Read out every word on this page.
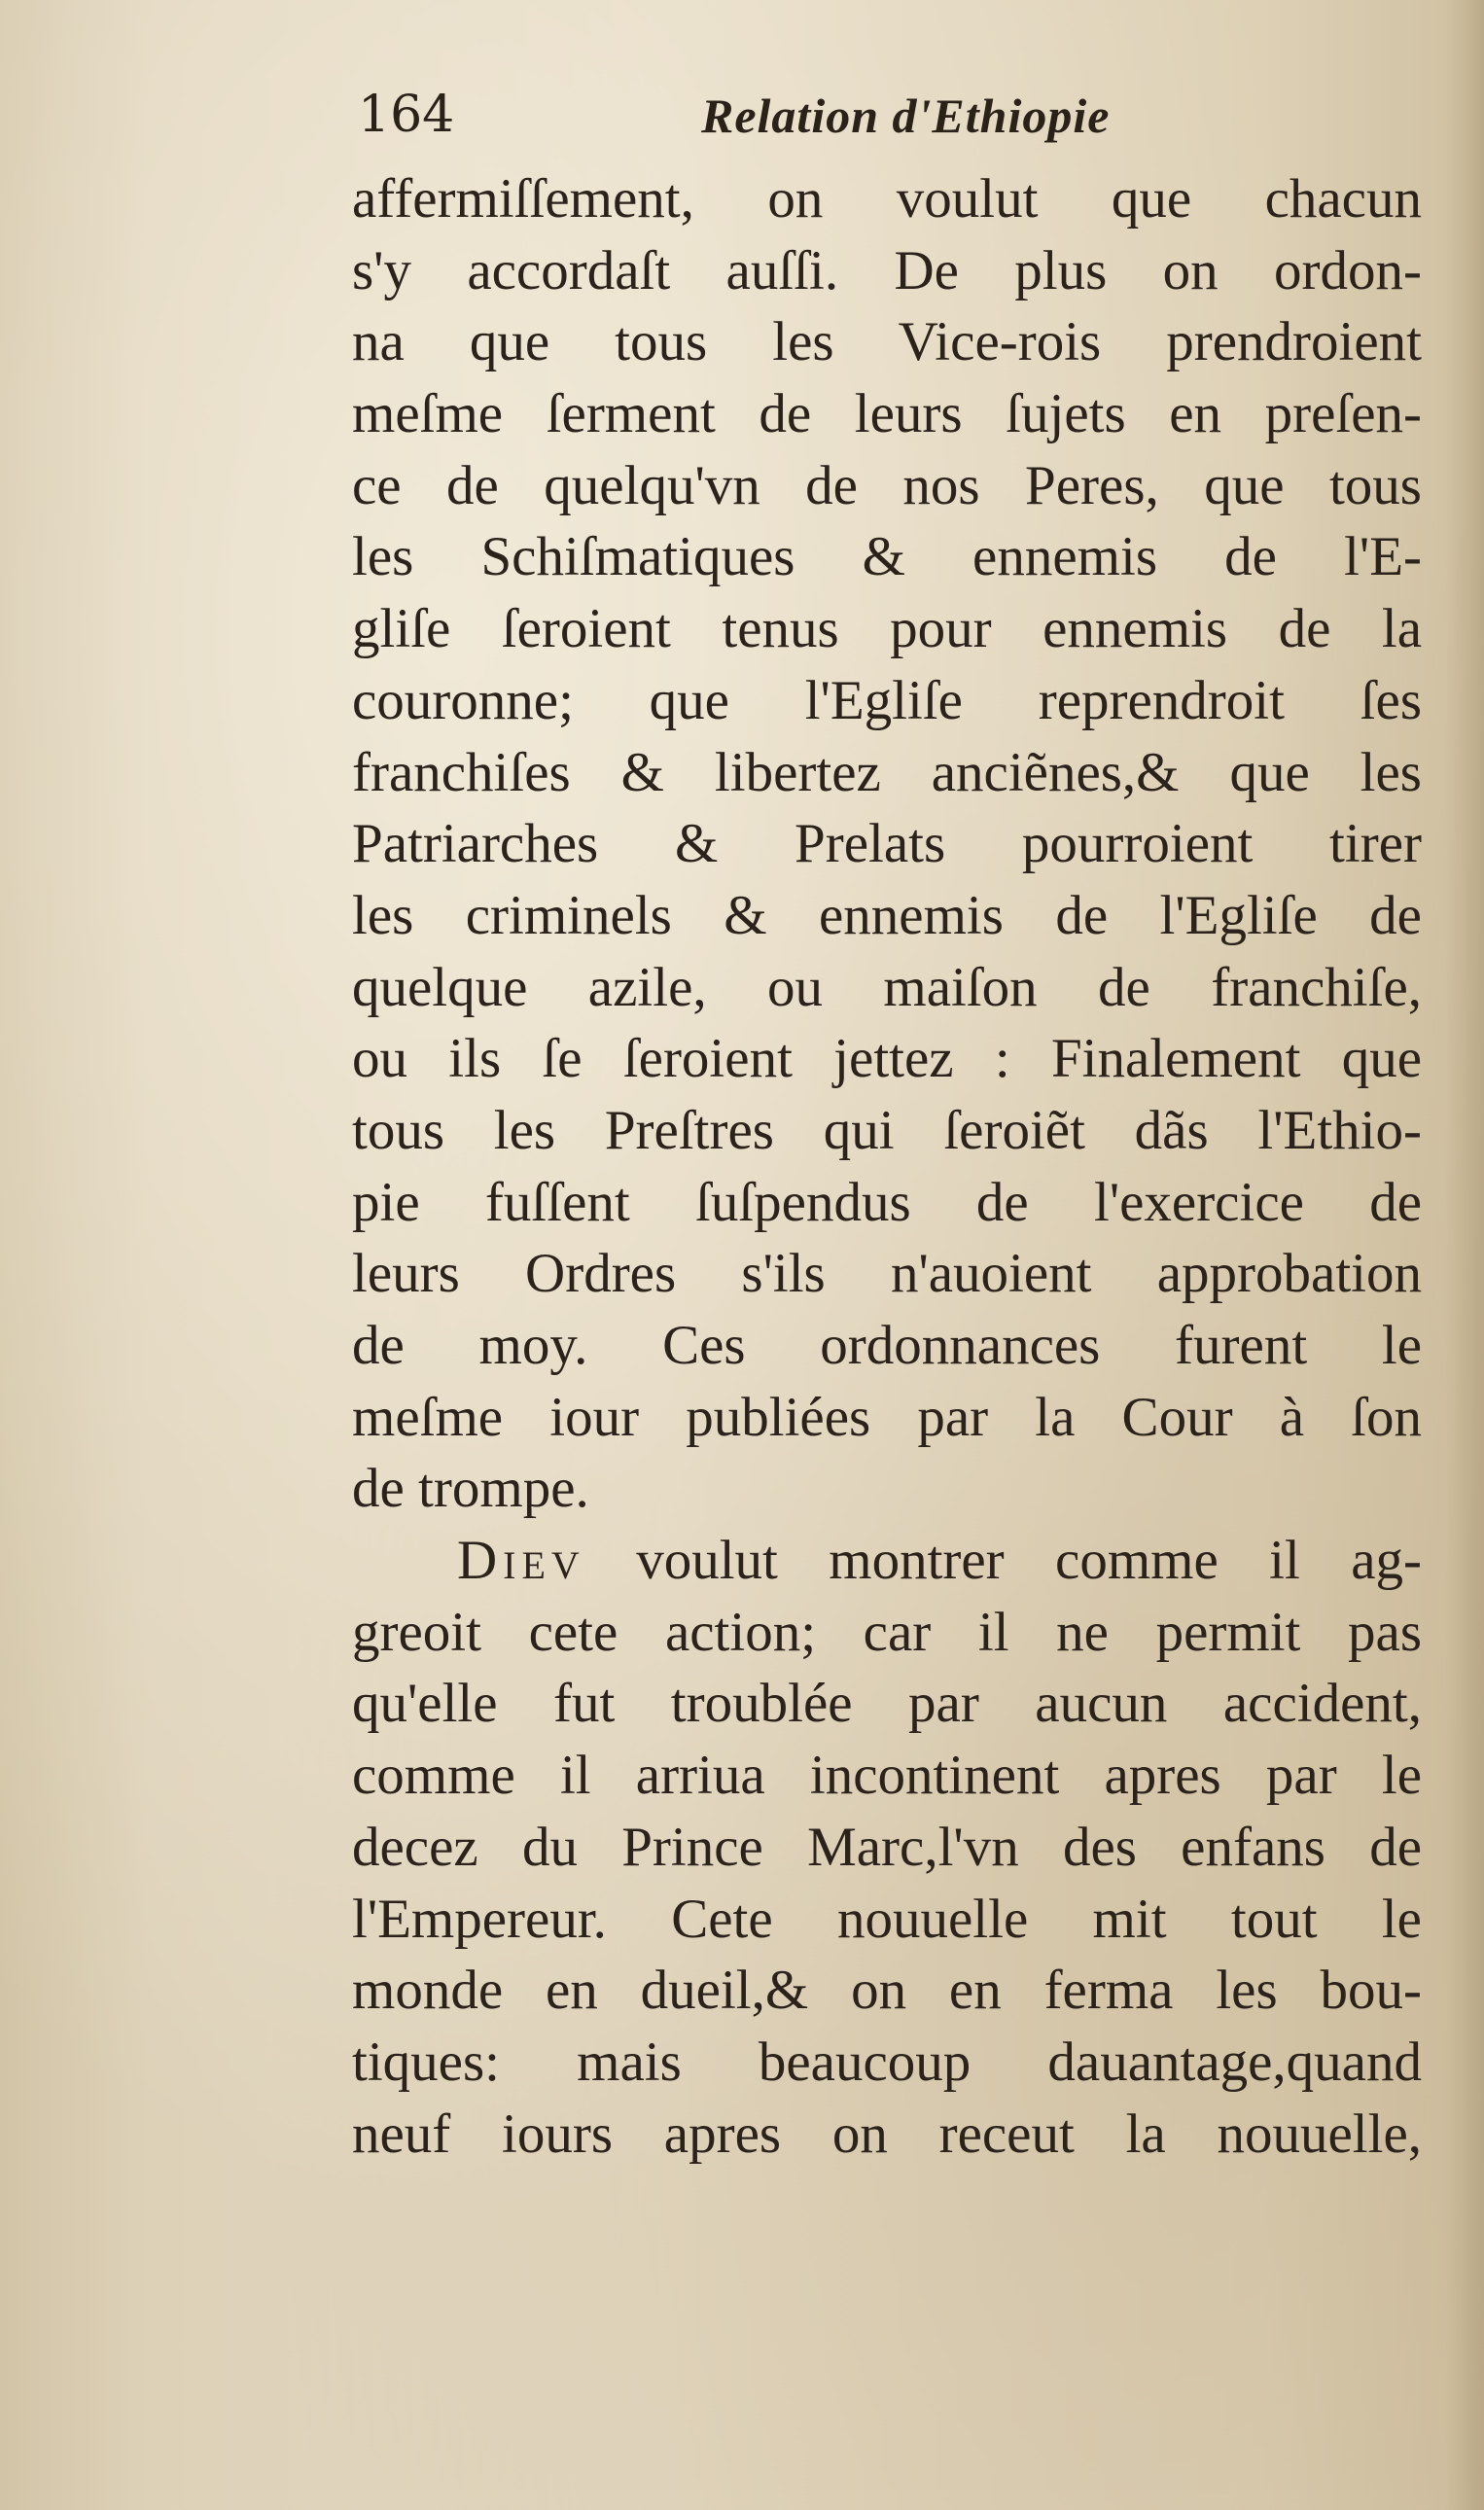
164	Relation d'Ethiopie
affermiſſement, on voulut que chacun
s'y accordaſt auſſi. De plus on ordon-
na que tous les Vice-rois prendroient
meſme ſerment de leurs ſujets en preſen-
ce de quelqu'vn de nos Peres, que tous
les Schiſmatiques & ennemis de l'E-
gliſe ſeroient tenus pour ennemis de la
couronne; que l'Egliſe reprendroit ſes
franchiſes & libertez anciẽnes,& que les
Patriarches & Prelats pourroient tirer
les criminels & ennemis de l'Egliſe de
quelque azile, ou maiſon de franchiſe,
ou ils ſe ſeroient jettez : Finalement que
tous les Preſtres qui ſeroiẽt dãs l'Ethio-
pie fuſſent ſuſpendus de l'exercice de
leurs Ordres s'ils n'auoient approbation
de moy. Ces ordonnances furent le
meſme iour publiées par la Cour à ſon
de trompe.
Diev voulut montrer comme il ag-
greoit cete action; car il ne permit pas
qu'elle fut troublée par aucun accident,
comme il arriua incontinent apres par le
decez du Prince Marc,l'vn des enfans de
l'Empereur. Cete nouuelle mit tout le
monde en dueil,& on en ferma les bou-
tiques: mais beaucoup dauantage,quand
neuf iours apres on receut la nouuelle,
